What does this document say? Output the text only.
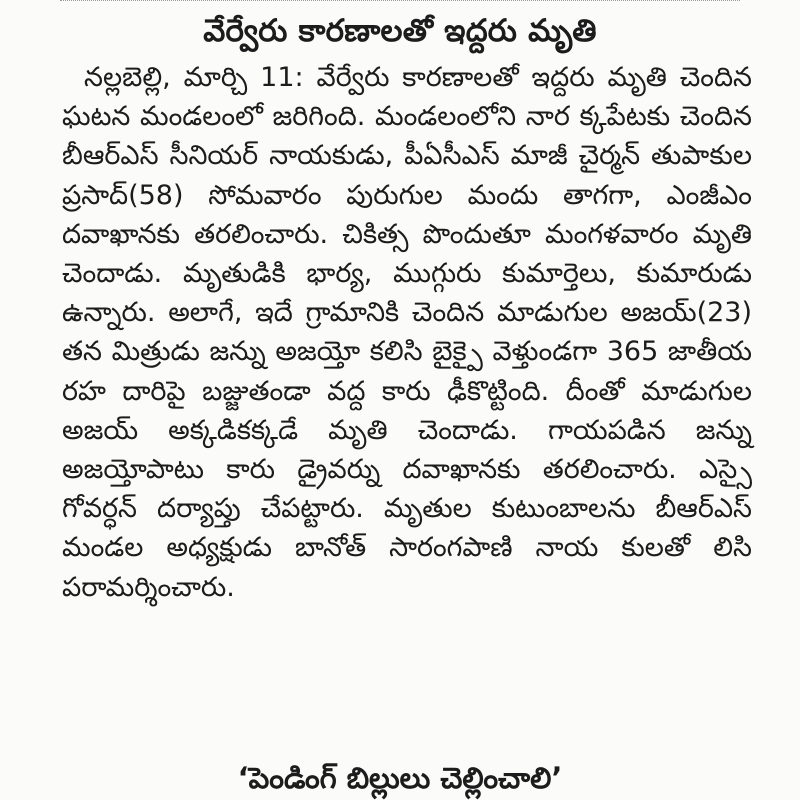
వేర్వేరు కారణాలతో ఇద్దరు మృతి

నల్లబెల్లి, మార్చి 11: వేర్వేరు కారణాలతో ఇద్దరు మృతి చెందిన ఘటన మండలంలో జరిగింది. మండలంలోని నార క్కపేటకు చెందిన బీఆర్ఎస్ సీనియర్ నాయకుడు, పీఏసీఎస్ మాజీ చైర్మన్ తుపాకుల ప్రసాద్(58) సోమవారం పురుగుల మందు తాగగా, ఎంజీఎం దవాఖానకు తరలించారు. చికిత్స పొందుతూ మంగళవారం మృతి చెందాడు. మృతుడికి భార్య, ముగ్గురు కుమార్తెలు, కుమారుడు ఉన్నారు. అలాగే, ఇదే గ్రామానికి చెందిన మాడుగుల అజయ్(23) తన మిత్రుడు జన్ను అజయ్తో కలిసి బైక్పై వెళ్తుండగా 365 జాతీయ రహ దారిపై బజ్జుతండా వద్ద కారు ఢీకొట్టింది. దీంతో మాడుగుల అజయ్ అక్కడికక్కడే మృతి చెందాడు. గాయపడిన జన్ను అజయ్తోపాటు కారు డ్రైవర్ను దవాఖానకు తరలించారు. ఎస్సై గోవర్ధన్ దర్యాప్తు చేపట్టారు. మృతుల కుటుంబాలను బీఆర్ఎస్ మండల అధ్యక్షుడు బానోత్ సారంగపాణి నాయ కులతో లిసి పరామర్శించారు.

‘పెండింగ్ బిల్లులు చెల్లించాలి’
